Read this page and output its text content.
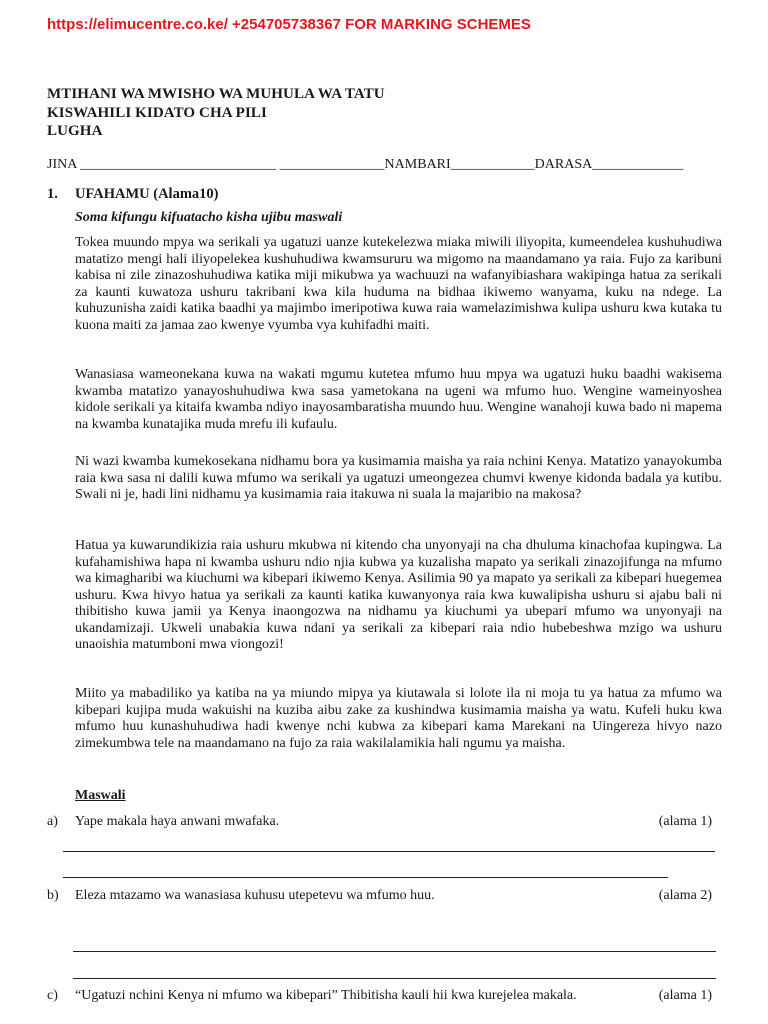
https://elimucentre.co.ke/ +254705738367 FOR MARKING SCHEMES
MTIHANI WA MWISHO WA MUHULA WA TATU
KISWAHILI KIDATO CHA PILI
LUGHA
JINA ____________________________ _______________NAMBARI____________DARASA_____________
1. UFAHAMU (Alama10)
Soma kifungu kifuatacho kisha ujibu maswali

Tokea muundo mpya wa serikali ya ugatuzi uanze kutekelezwa miaka miwili iliyopita, kumeendelea kushuhudiwa matatizo mengi hali iliyopelekea kushuhudiwa kwamsururu wa migomo na maandamano ya raia. Fujo za karibuni kabisa ni zile zinazoshuhudiwa katika miji mikubwa ya wachuuzi na wafanyibiashara wakipinga hatua za serikali za kaunti kuwatoza ushuru takribani kwa kila huduma na bidhaa ikiwemo wanyama, kuku na ndege. La kuhuzunisha zaidi katika baadhi ya majimbo imeripotiwa kuwa raia wamelazimishwa kulipa ushuru kwa kutaka tu kuona maiti za jamaa zao kwenye vyumba vya kuhifadhi maiti.

Wanasiasa wameonekana kuwa na wakati mgumu kutetea mfumo huu mpya wa ugatuzi huku baadhi wakisema kwamba matatizo yanayoshuhudiwa kwa sasa yametokana na ugeni wa mfumo huo. Wengine wameinyoshea kidole serikali ya kitaifa kwamba ndiyo inayosambaratisha muundo huu. Wengine wanahoji kuwa bado ni mapema na kwamba kunatajika muda mrefu ili kufaulu.

Ni wazi kwamba kumekosekana nidhamu bora ya kusimamia maisha ya raia nchini Kenya. Matatizo yanayokumba raia kwa sasa ni dalili kuwa mfumo wa serikali ya ugatuzi umeongezea chumvi kwenye kidonda badala ya kutibu. Swali ni je, hadi lini nidhamu ya kusimamia raia itakuwa ni suala la majaribio na makosa?

Hatua ya kuwarundikizia raia ushuru mkubwa ni kitendo cha unyonyaji na cha dhuluma kinachofaa kupingwa. La kufahamishiwa hapa ni kwamba ushuru ndio njia kubwa ya kuzalisha mapato ya serikali zinazojifunga na mfumo wa kimagharibi wa kiuchumi wa kibepari ikiwemo Kenya. Asilimia 90 ya mapato ya serikali za kibepari huegemea ushuru. Kwa hivyo hatua ya serikali za kaunti katika kuwanyonya raia kwa kuwalipisha ushuru si ajabu bali ni thibitisho kuwa jamii ya Kenya inaongozwa na nidhamu ya kiuchumi ya ubepari mfumo wa unyonyaji na ukandamizaji. Ukweli unabakia kuwa ndani ya serikali za kibepari raia ndio hubebeshwa mzigo wa ushuru unaoishia matumboni mwa viongozi!

Miito ya mabadiliko ya katiba na ya miundo mipya ya kiutawala si lolote ila ni moja tu ya hatua za mfumo wa kibepari kujipa muda wakuishi na kuziba aibu zake za kushindwa kusimamia maisha ya watu. Kufeli huku kwa mfumo huu kunashuhudiwa hadi kwenye nchi kubwa za kibepari kama Marekani na Uingereza hivyo nazo zimekumbwa tele na maandamano na fujo za raia wakilalamikia hali ngumu ya maisha.

Maswali
a) Yape makala haya anwani mwafaka.	(alama 1)
b) Eleza mtazamo wa wanasiasa kuhusu utepetevu wa mfumo huu.	(alama 2)
c) “Ugatuzi nchini Kenya ni mfumo wa kibepari” Thibitisha kauli hii kwa kurejelea makala.	(alama 1)
